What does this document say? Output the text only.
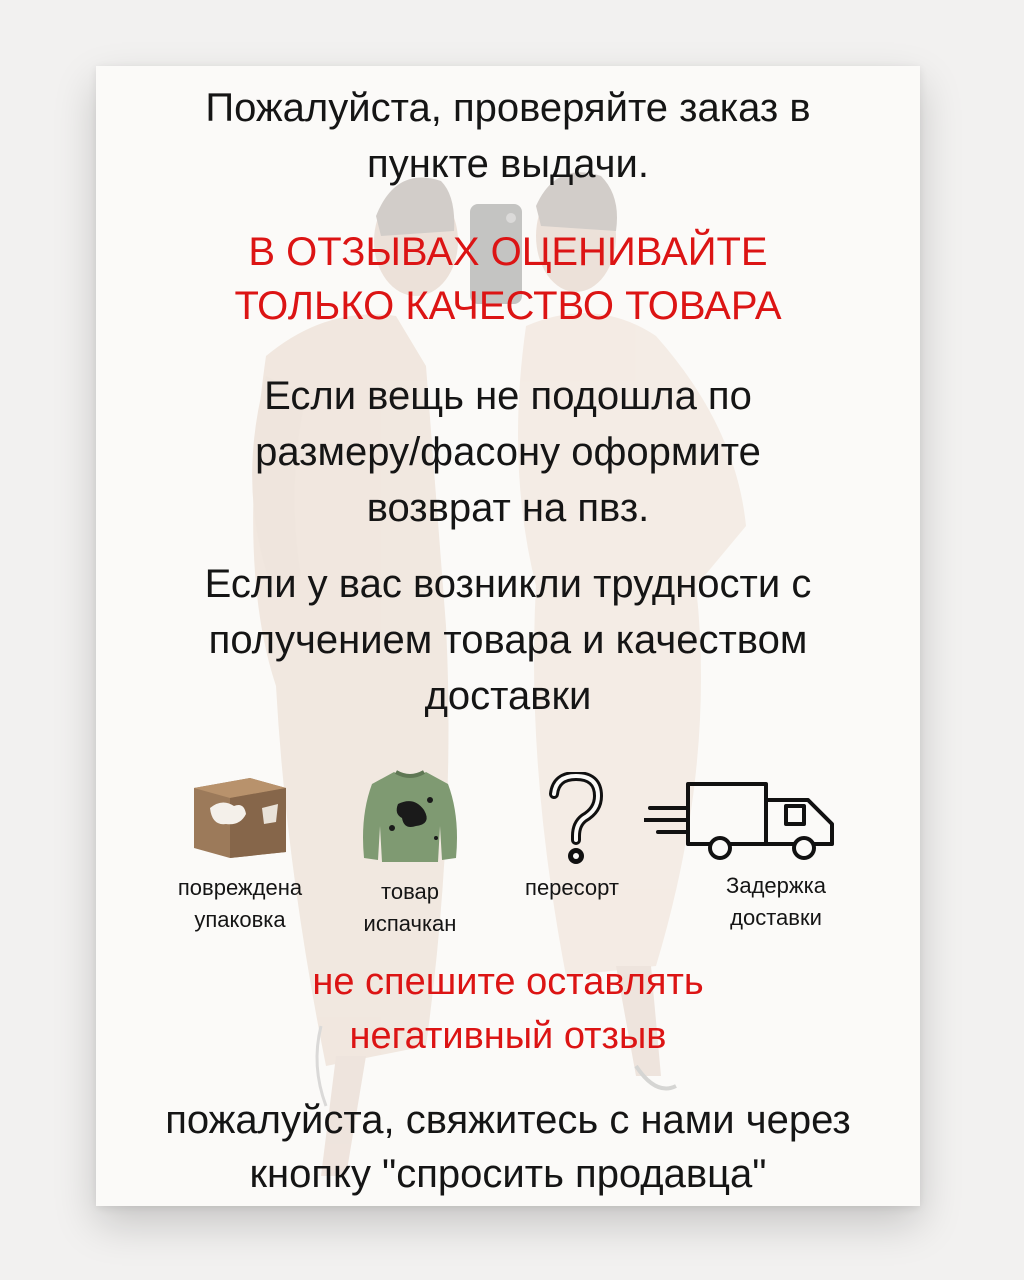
Пожалуйста, проверяйте заказ в
пункте выдачи.
В ОТЗЫВАХ ОЦЕНИВАЙТЕ
ТОЛЬКО КАЧЕСТВО ТОВАРА
Если вещь не подошла по
размеру/фасону оформите
возврат на пвз.
Если у вас возникли трудности с
получением товара и качеством
доставки
повреждена
упаковка
товар
испачкан
пересорт	Задержка
доставки
не спешите оставлять
негативный отзыв
пожалуйста, свяжитесь с нами через
кнопку "спросить продавца"
